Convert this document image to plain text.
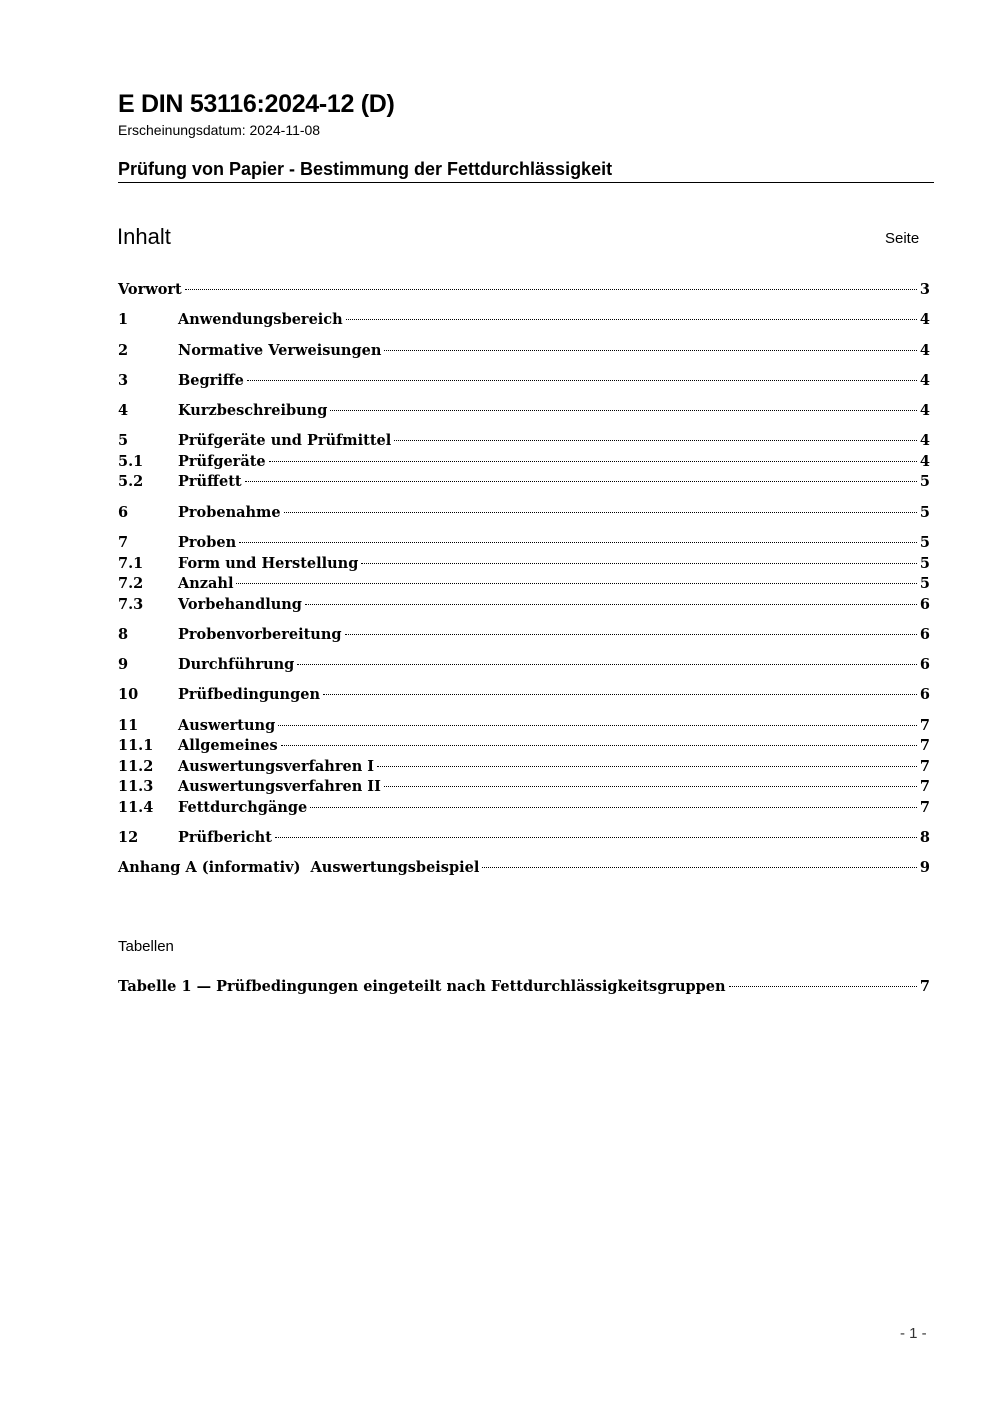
E DIN 53116:2024-12 (D)
Erscheinungsdatum: 2024-11-08
Prüfung von Papier - Bestimmung der Fettdurchlässigkeit
Inhalt	Seite
Vorwort	3
1	Anwendungsbereich	4
2	Normative Verweisungen	4
3	Begriffe	4
4	Kurzbeschreibung	4
5	Prüfgeräte und Prüfmittel	4
5.1	Prüfgeräte	4
5.2	Prüffett	5
6	Probenahme	5
7	Proben	5
7.1	Form und Herstellung	5
7.2	Anzahl	5
7.3	Vorbehandlung	6
8	Probenvorbereitung	6
9	Durchführung	6
10	Prüfbedingungen	6
11	Auswertung	7
11.1	Allgemeines	7
11.2	Auswertungsverfahren I	7
11.3	Auswertungsverfahren II	7
11.4	Fettdurchgänge	7
12	Prüfbericht	8
Anhang A (informativ)  Auswertungsbeispiel	9
Tabellen
Tabelle 1 — Prüfbedingungen eingeteilt nach Fettdurchlässigkeitsgruppen	7
- 1 -
